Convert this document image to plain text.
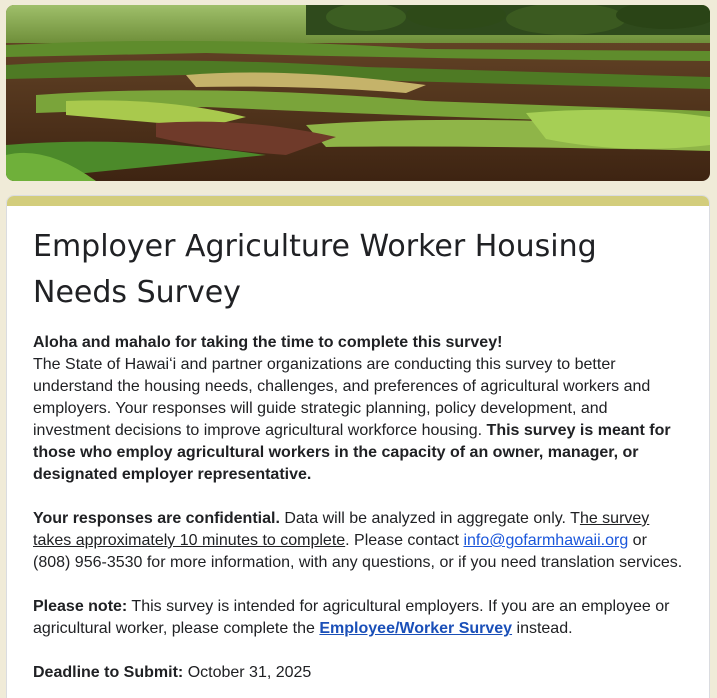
Employer Agriculture Worker Housing Needs Survey

Aloha and mahalo for taking the time to complete this survey!
The State of Hawaiʻi and partner organizations are conducting this survey to better understand the housing needs, challenges, and preferences of agricultural workers and employers. Your responses will guide strategic planning, policy development, and investment decisions to improve agricultural workforce housing. This survey is meant for those who employ agricultural workers in the capacity of an owner, manager, or designated employer representative.

Your responses are confidential. Data will be analyzed in aggregate only. The survey takes approximately 10 minutes to complete. Please contact info@gofarmhawaii.org or (808) 956-3530 for more information, with any questions, or if you need translation services.

Please note: This survey is intended for agricultural employers. If you are an employee or agricultural worker, please complete the Employee/Worker Survey instead.

Deadline to Submit: October 31, 2025
